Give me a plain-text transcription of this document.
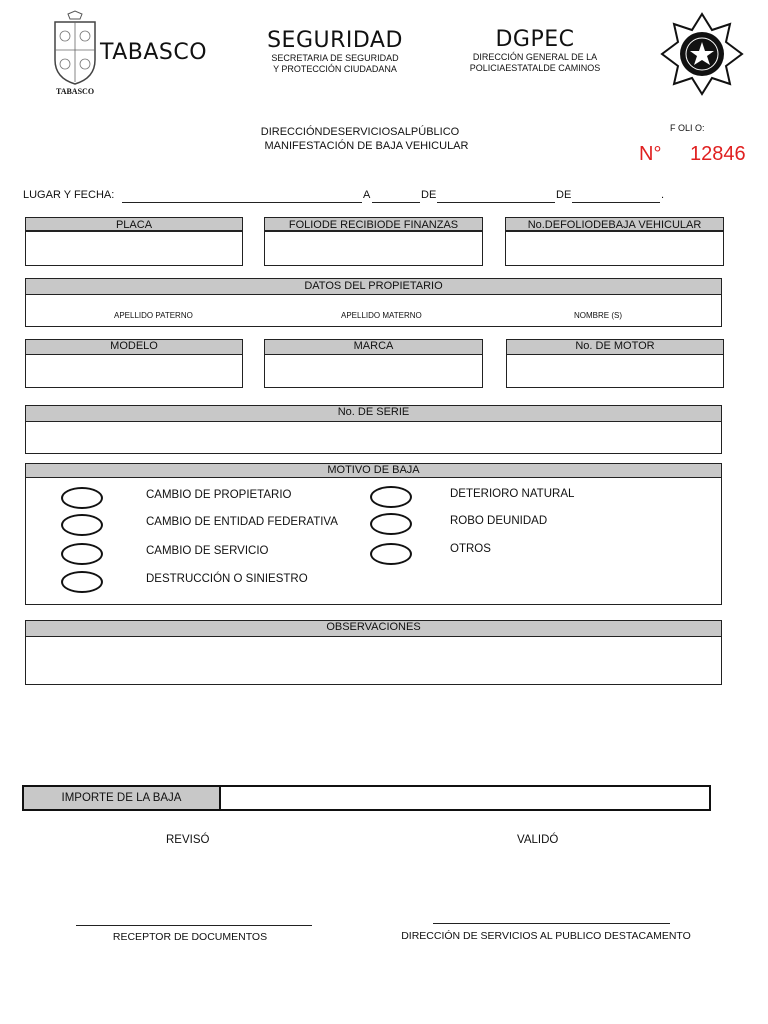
TABASCO
TABASCO	SEGURIDAD
SECRETARIA DE SEGURIDAD
Y PROTECCIÓN CIUDADANA
DGPEC
DIRECCIÓN GENERAL DE LA
POLICIAESTATALDE CAMINOS
DIRECCIÓNDESERVICIOSALPÚBLICO
MANIFESTACIÓN DE BAJA VEHICULAR
F OLI O:
N° 12846
LUGAR Y FECHA:	A	DE	DE	.
PLACA	FOLIODE RECIBIODE FINANZAS	No.DEFOLIODEBAJA VEHICULAR
DATOS DEL PROPIETARIO
APELLIDO PATERNO	APELLIDO MATERNO	NOMBRE (S)
MODELO	MARCA	No. DE MOTOR
No. DE SERIE
MOTIVO DE BAJA
CAMBIO DE PROPIETARIO
CAMBIO DE ENTIDAD FEDERATIVA
CAMBIO DE SERVICIO
DESTRUCCIÓN O SINIESTRO
DETERIORO NATURAL
ROBO DEUNIDAD
OTROS
OBSERVACIONES
IMPORTE DE LA BAJA
REVISÓ	VALIDÓ
RECEPTOR DE DOCUMENTOS	DIRECCIÓN DE SERVICIOS AL PUBLICO DESTACAMENTO
